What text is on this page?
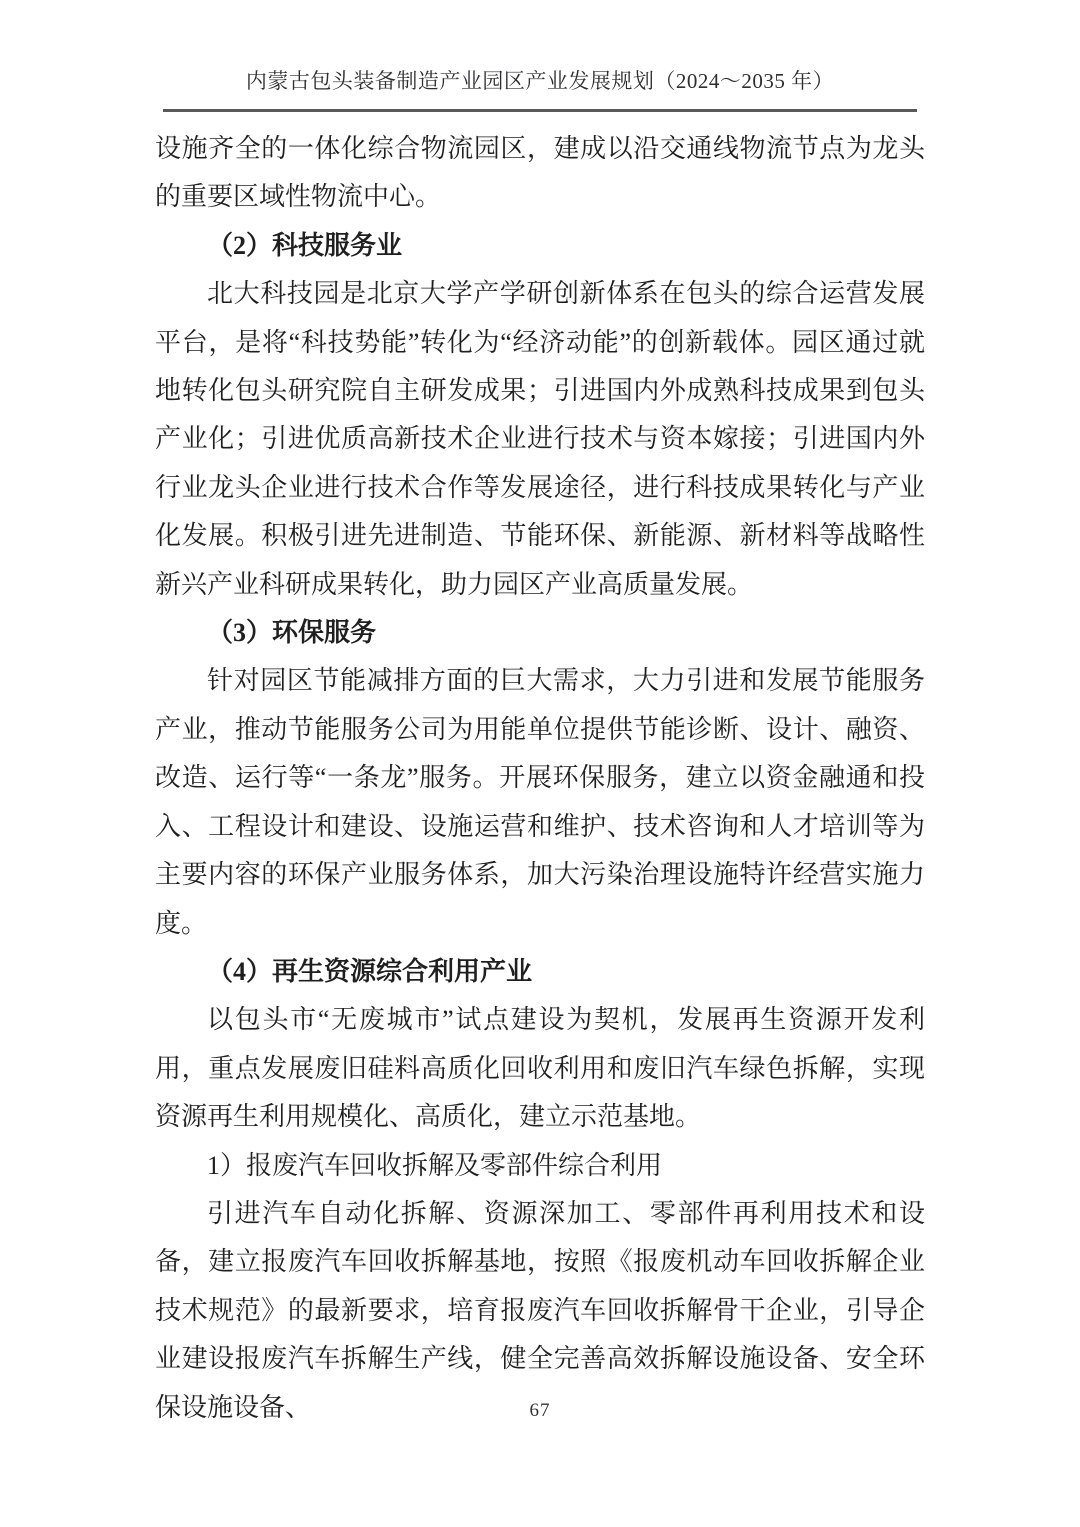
内蒙古包头装备制造产业园区产业发展规划（2024～2035 年）

设施齐全的一体化综合物流园区，建成以沿交通线物流节点为龙头的重要区域性物流中心。

（2）科技服务业

北大科技园是北京大学产学研创新体系在包头的综合运营发展平台，是将“科技势能”转化为“经济动能”的创新载体。园区通过就地转化包头研究院自主研发成果；引进国内外成熟科技成果到包头产业化；引进优质高新技术企业进行技术与资本嫁接；引进国内外行业龙头企业进行技术合作等发展途径，进行科技成果转化与产业化发展。积极引进先进制造、节能环保、新能源、新材料等战略性新兴产业科研成果转化，助力园区产业高质量发展。

（3）环保服务

针对园区节能减排方面的巨大需求，大力引进和发展节能服务产业，推动节能服务公司为用能单位提供节能诊断、设计、融资、改造、运行等“一条龙”服务。开展环保服务，建立以资金融通和投入、工程设计和建设、设施运营和维护、技术咨询和人才培训等为主要内容的环保产业服务体系，加大污染治理设施特许经营实施力度。

（4）再生资源综合利用产业

以包头市“无废城市”试点建设为契机，发展再生资源开发利用，重点发展废旧硅料高质化回收利用和废旧汽车绿色拆解，实现资源再生利用规模化、高质化，建立示范基地。

1）报废汽车回收拆解及零部件综合利用

引进汽车自动化拆解、资源深加工、零部件再利用技术和设备，建立报废汽车回收拆解基地，按照《报废机动车回收拆解企业技术规范》的最新要求，培育报废汽车回收拆解骨干企业，引导企业建设报废汽车拆解生产线，健全完善高效拆解设施设备、安全环保设施设备、	67
